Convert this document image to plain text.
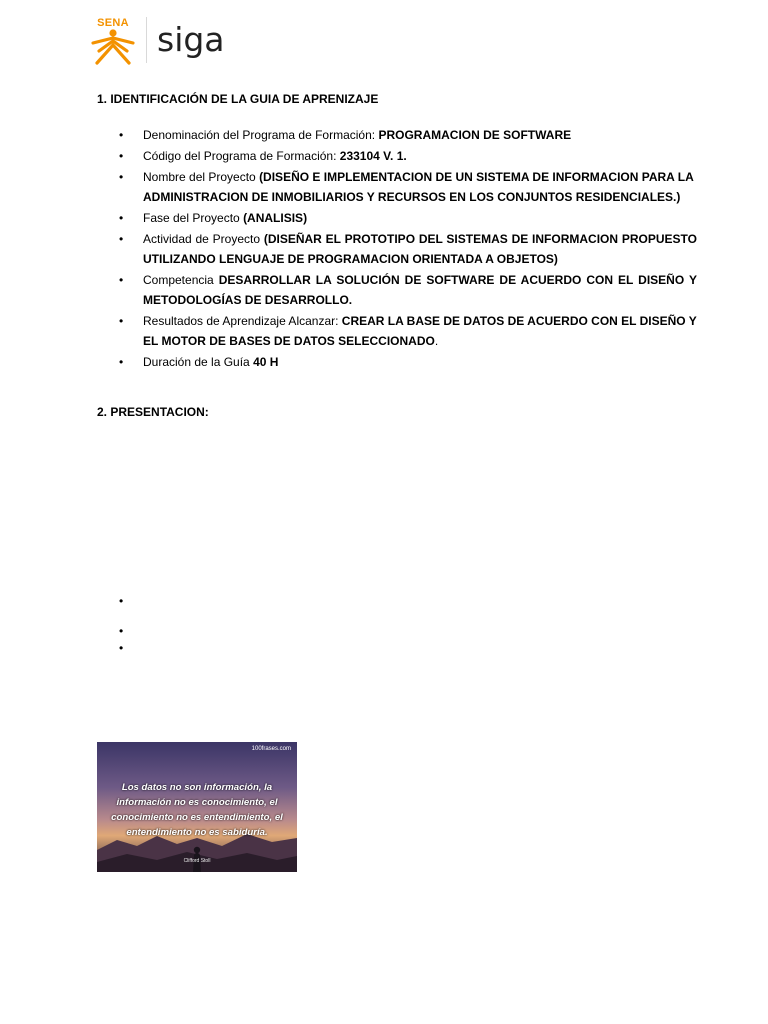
SENA siga
1. IDENTIFICACIÓN DE LA GUIA DE APRENIZAJE
• Denominación del Programa de Formación: PROGRAMACION DE SOFTWARE
• Código del Programa de Formación: 233104 V. 1.
• Nombre del Proyecto (DISEÑO E IMPLEMENTACION DE UN SISTEMA DE INFORMACION PARA LA ADMINISTRACION DE INMOBILIARIOS Y RECURSOS EN LOS CONJUNTOS RESIDENCIALES.)
• Fase del Proyecto (ANALISIS)
• Actividad de Proyecto (DISEÑAR EL PROTOTIPO DEL SISTEMAS DE INFORMACION PROPUESTO UTILIZANDO LENGUAJE DE PROGRAMACION ORIENTADA A OBJETOS)
• Competencia DESARROLLAR LA SOLUCIÓN DE SOFTWARE DE ACUERDO CON EL DISEÑO Y METODOLOGÍAS DE DESARROLLO.
• Resultados de Aprendizaje Alcanzar: CREAR LA BASE DE DATOS DE ACUERDO CON EL DISEÑO Y EL MOTOR DE BASES DE DATOS SELECCIONADO.
• Duración de la Guía 40 H
2. PRESENTACION:
•
•
•
100frases.com
Los datos no son información, la información no es conocimiento, el conocimiento no es entendimiento, el entendimiento no es sabiduría.
Clifford Stoll
